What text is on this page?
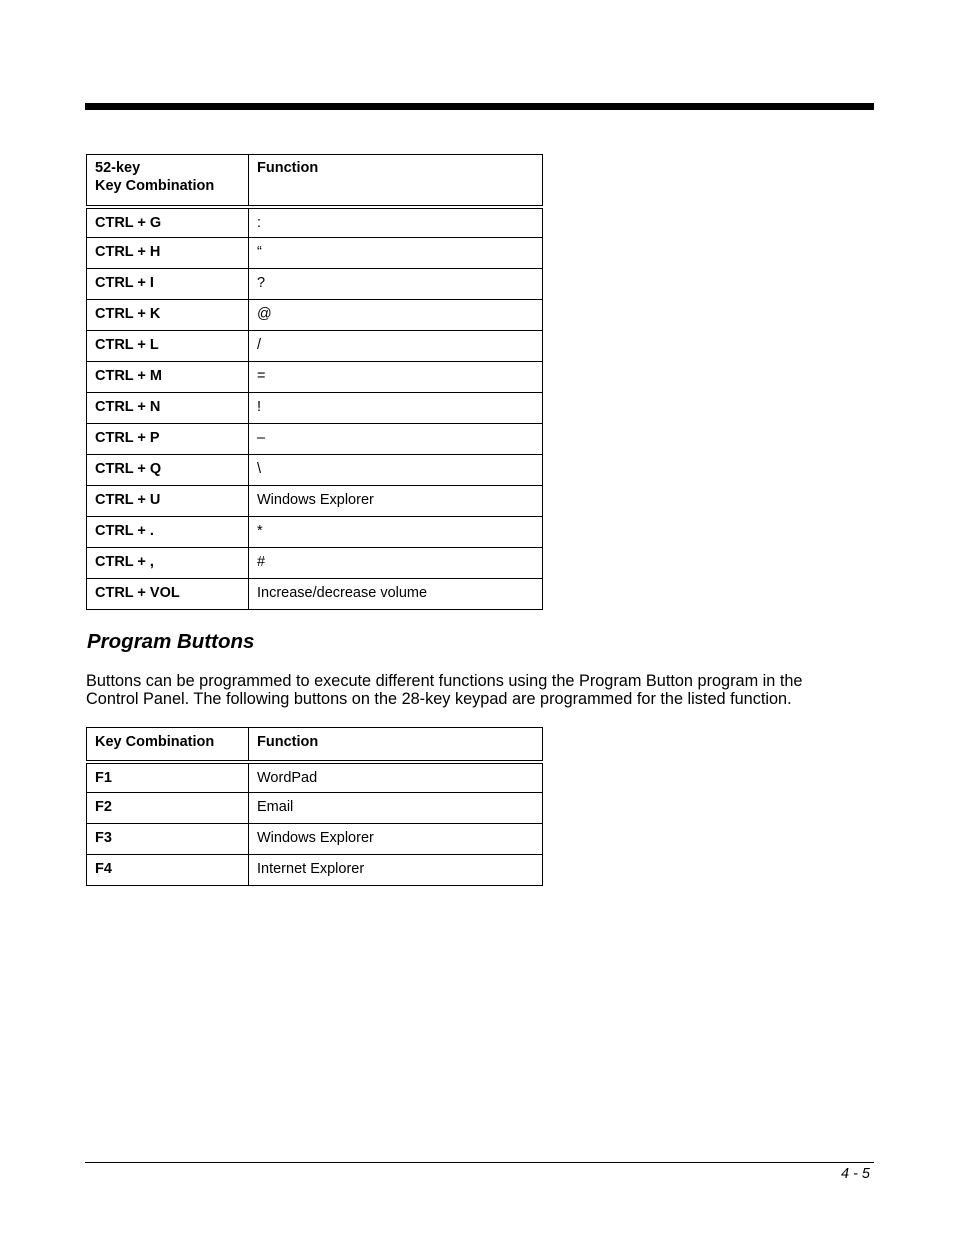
52-key
Key Combination	Function
CTRL + G	:
CTRL + H	“
CTRL + I	?
CTRL + K	@
CTRL + L	/
CTRL + M	=
CTRL + N	!
CTRL + P	–
CTRL + Q	\
CTRL + U	Windows Explorer
CTRL + .	*
CTRL + ,	#
CTRL + VOL	Increase/decrease volume
Program Buttons

Buttons can be programmed to execute different functions using the Program Button program in the Control Panel. The following buttons on the 28-key keypad are programmed for the listed function.

Key Combination	Function
F1	WordPad
F2	Email
F3	Windows Explorer
F4	Internet Explorer
4 - 5
